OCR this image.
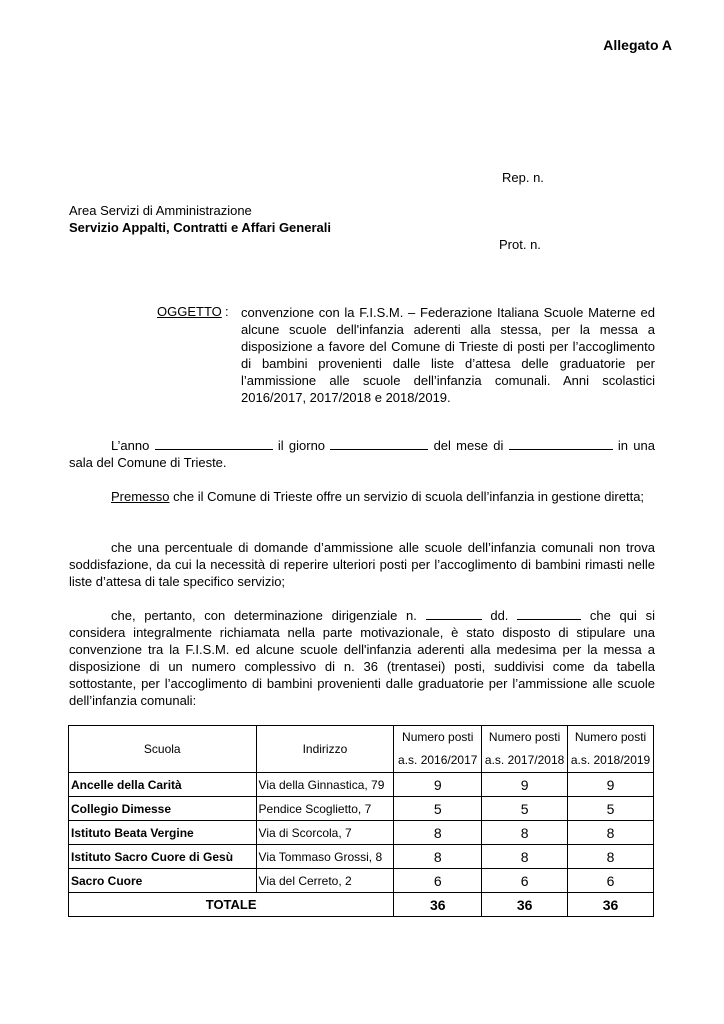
Allegato A
Rep. n.
Area Servizi di Amministrazione
Servizio Appalti, Contratti e Affari Generali
Prot. n.
OGGETTO : convenzione con la F.I.S.M. – Federazione Italiana Scuole Materne ed alcune scuole dell'infanzia aderenti alla stessa, per la messa a disposizione a favore del Comune di Trieste di posti per l’accoglimento di bambini provenienti dalle liste d’attesa delle graduatorie per l’ammissione alle scuole dell’infanzia comunali. Anni scolastici 2016/2017, 2017/2018 e 2018/2019.
L’anno	il giorno	del mese di	in una sala del Comune di Trieste.
Premesso che il Comune di Trieste offre un servizio di scuola dell’infanzia in gestione diretta;
che una percentuale di domande d’ammissione alle scuole dell’infanzia comunali non trova soddisfazione, da cui la necessità di reperire ulteriori posti per l’accoglimento di bambini rimasti nelle liste d’attesa di tale specifico servizio;
che, pertanto, con determinazione dirigenziale n.	dd.	che qui si considera integralmente richiamata nella parte motivazionale, è stato disposto di stipulare una convenzione tra la F.I.S.M. ed alcune scuole dell'infanzia aderenti alla medesima per la messa a disposizione di un numero complessivo di n. 36 (trentasei) posti, suddivisi come da tabella sottostante, per l’accoglimento di bambini provenienti dalle graduatorie per l’ammissione alle scuole dell’infanzia comunali:
Scuola	Indirizzo	Numero posti	Numero posti	Numero posti
		a.s. 2016/2017	a.s. 2017/2018	a.s. 2018/2019
Ancelle della Carità	Via della Ginnastica, 79	9	9	9
Collegio Dimesse	Pendice Scoglietto, 7	5	5	5
Istituto Beata Vergine	Via di Scorcola, 7	8	8	8
Istituto Sacro Cuore di Gesù	Via Tommaso Grossi, 8	8	8	8
Sacro Cuore	Via del Cerreto, 2	6	6	6
TOTALE		36	36	36
